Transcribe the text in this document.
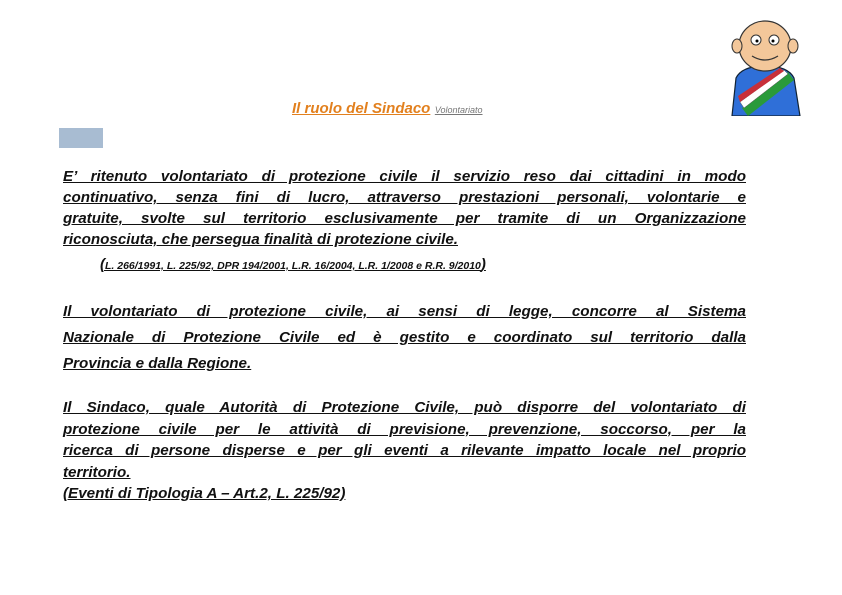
Il ruolo del Sindaco Volontariato
E’ ritenuto volontariato di protezione civile il servizio reso dai cittadini in modo
continuativo, senza fini di lucro, attraverso prestazioni personali, volontarie e
gratuite, svolte sul territorio esclusivamente per tramite di un Organizzazione
riconosciuta, che persegua finalità di protezione civile.
(L. 266/1991, L. 225/92, DPR 194/2001, L.R. 16/2004, L.R. 1/2008 e R.R. 9/2010)
Il volontariato di protezione civile, ai sensi di legge, concorre al Sistema
Nazionale di Protezione Civile ed è gestito e coordinato sul territorio dalla
Provincia e dalla Regione.
Il Sindaco, quale Autorità di Protezione Civile, può disporre del volontariato di
protezione civile per le attività di previsione, prevenzione, soccorso, per la
ricerca di persone disperse e per gli eventi a rilevante impatto locale nel proprio
territorio.
(Eventi di Tipologia A – Art.2, L. 225/92)
